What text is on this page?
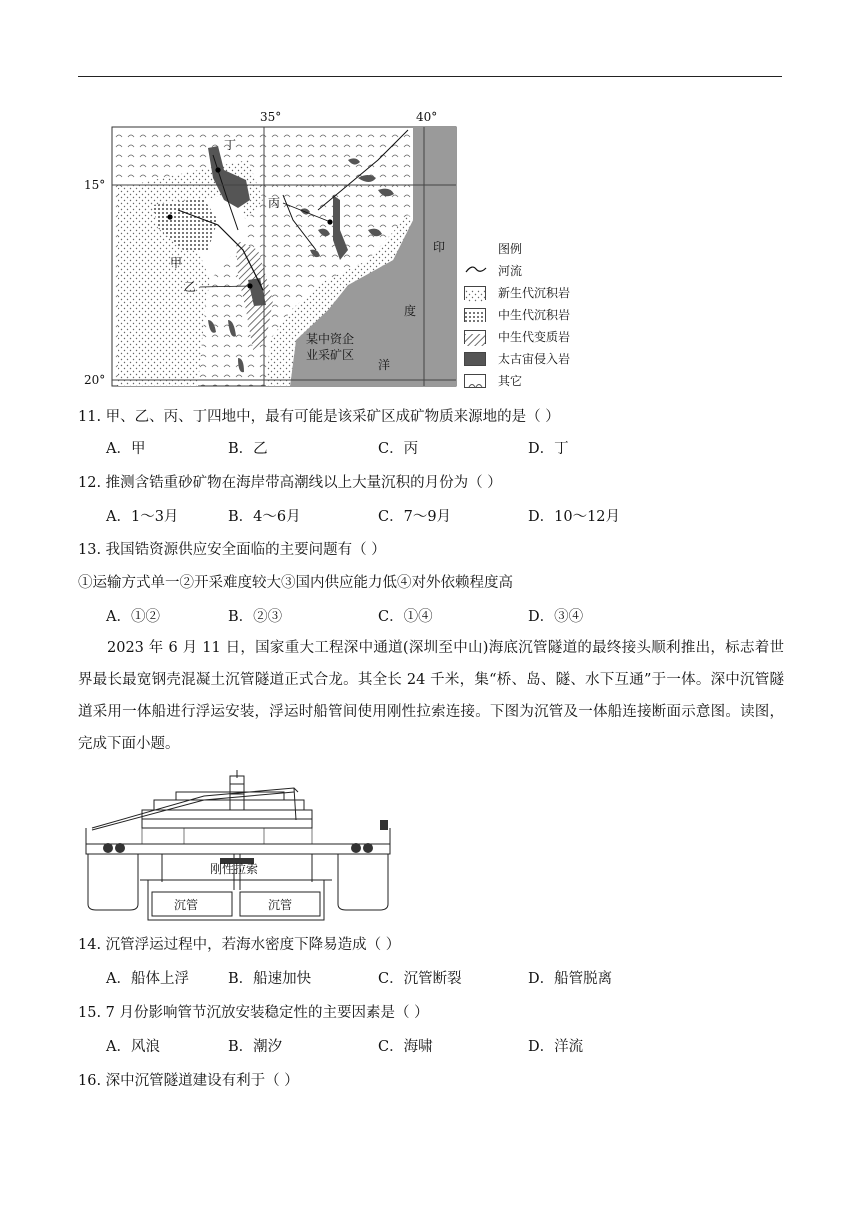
35°	40°
15°
20°
丁
丙
甲
乙
印
度
洋
某中资企
业采矿区
图例
河流
新生代沉积岩
中生代沉积岩
中生代变质岩
太古宙侵入岩
其它
11. 甲、乙、丙、丁四地中，最有可能是该采矿区成矿物质来源地的是（ ）
A．甲	B．乙	C．丙	D．丁
12. 推测含锆重砂矿物在海岸带高潮线以上大量沉积的月份为（ ）
A．1～3月	B．4～6月	C．7～9月	D．10～12月
13. 我国锆资源供应安全面临的主要问题有（ ）
①运输方式单一②开采难度较大③国内供应能力低④对外依赖程度高
A．①②	B．②③	C．①④	D．③④
2023 年 6 月 11 日，国家重大工程深中通道(深圳至中山)海底沉管隧道的最终接头顺利推出，标志着世界最长最宽钢壳混凝土沉管隧道正式合龙。其全长 24 千米，集“桥、岛、隧、水下互通”于一体。深中沉管隧道采用一体船进行浮运安装，浮运时船管间使用刚性拉索连接。下图为沉管及一体船连接断面示意图。读图，完成下面小题。
刚性拉索
沉管	沉管
14. 沉管浮运过程中，若海水密度下降易造成（ ）
A．船体上浮	B．船速加快	C．沉管断裂	D．船管脱离
15. 7 月份影响管节沉放安装稳定性的主要因素是（ ）
A．风浪	B．潮汐	C．海啸	D．洋流
16. 深中沉管隧道建设有利于（ ）
